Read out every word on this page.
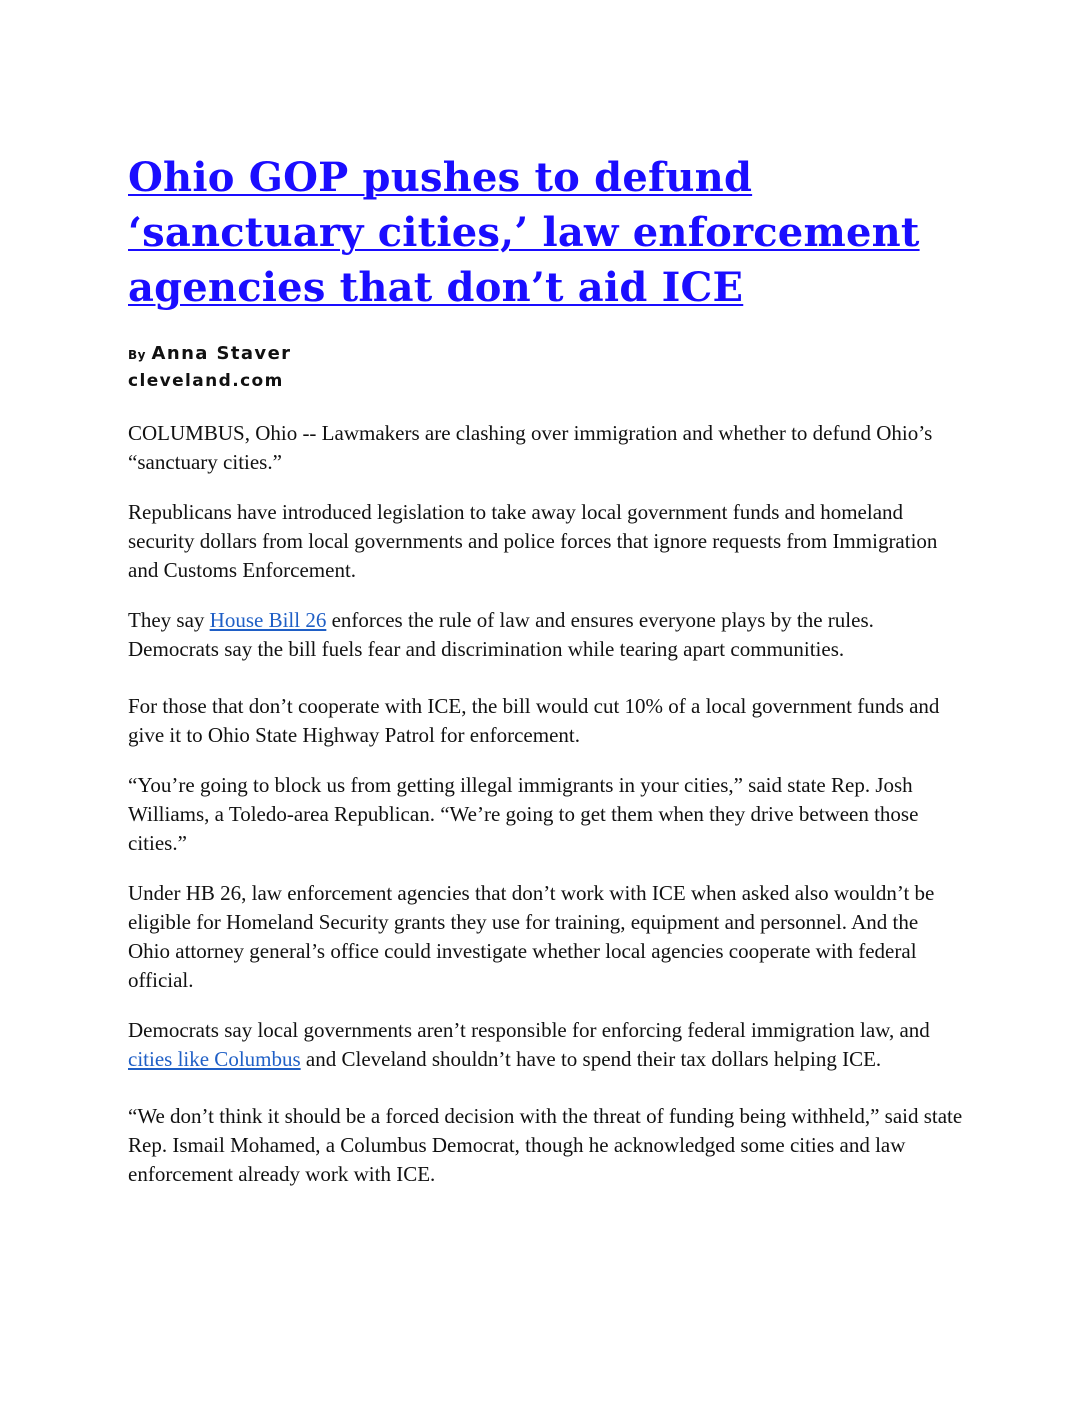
Ohio GOP pushes to defund ‘sanctuary cities,’ law enforcement agencies that don’t aid ICE
By Anna Staver
cleveland.com

COLUMBUS, Ohio -- Lawmakers are clashing over immigration and whether to defund Ohio’s “sanctuary cities.”

Republicans have introduced legislation to take away local government funds and homeland security dollars from local governments and police forces that ignore requests from Immigration and Customs Enforcement.

They say House Bill 26 enforces the rule of law and ensures everyone plays by the rules. Democrats say the bill fuels fear and discrimination while tearing apart communities.

For those that don’t cooperate with ICE, the bill would cut 10% of a local government funds and give it to Ohio State Highway Patrol for enforcement.

“You’re going to block us from getting illegal immigrants in your cities,” said state Rep. Josh Williams, a Toledo-area Republican. “We’re going to get them when they drive between those cities.”

Under HB 26, law enforcement agencies that don’t work with ICE when asked also wouldn’t be eligible for Homeland Security grants they use for training, equipment and personnel. And the Ohio attorney general’s office could investigate whether local agencies cooperate with federal official.

Democrats say local governments aren’t responsible for enforcing federal immigration law, and cities like Columbus and Cleveland shouldn’t have to spend their tax dollars helping ICE.

“We don’t think it should be a forced decision with the threat of funding being withheld,” said state Rep. Ismail Mohamed, a Columbus Democrat, though he acknowledged some cities and law enforcement already work with ICE.
